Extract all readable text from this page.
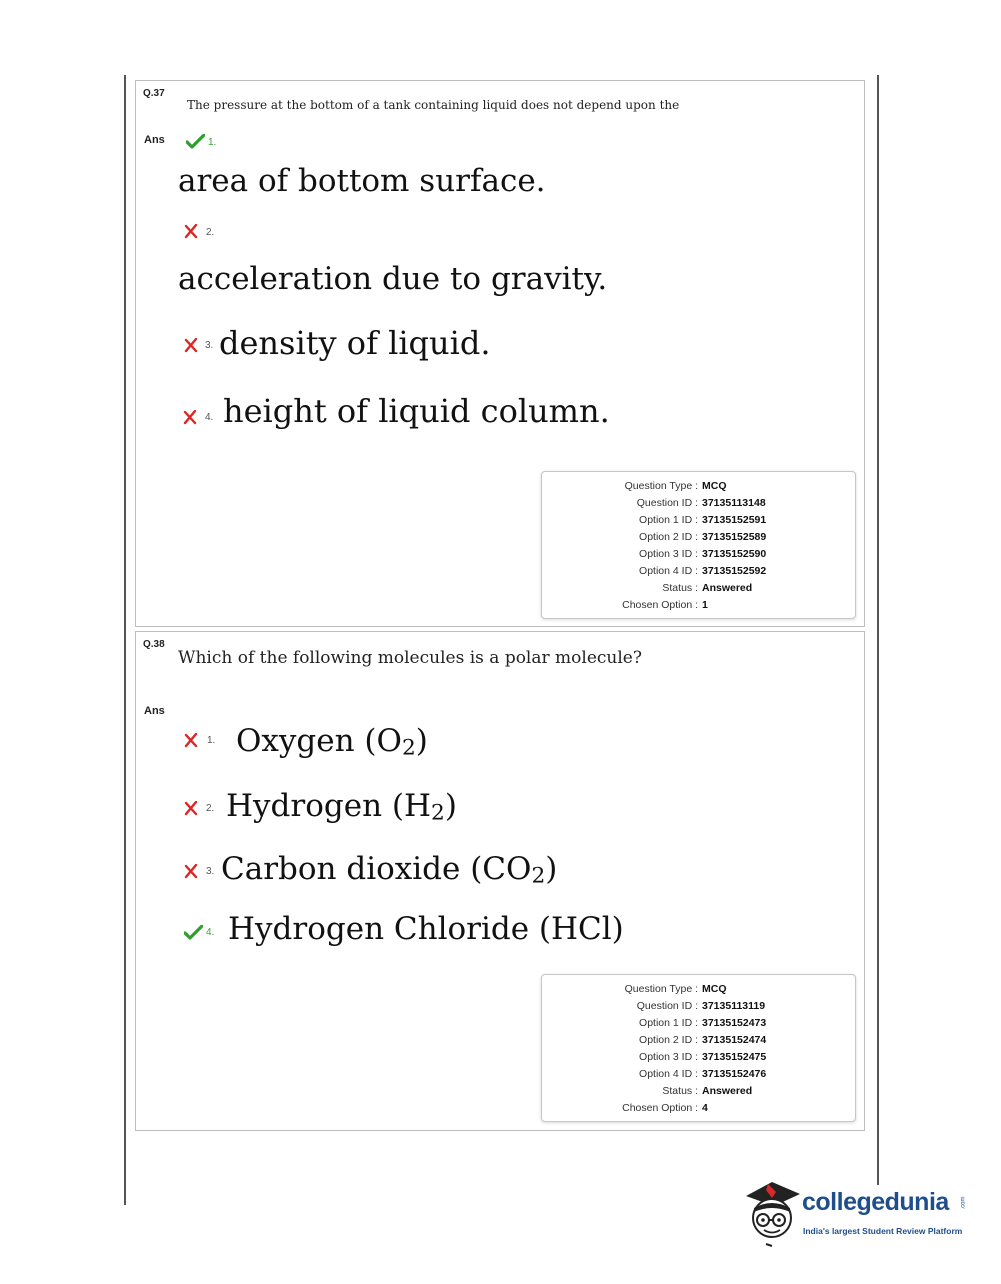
Q.37
The pressure at the bottom of a tank containing liquid does not depend upon the
Ans	1.
area of bottom surface.
2.
acceleration due to gravity.
3. density of liquid.
4. height of liquid column.
Question Type : MCQ
Question ID : 37135113148
Option 1 ID : 37135152591
Option 2 ID : 37135152589
Option 3 ID : 37135152590
Option 4 ID : 37135152592
Status : Answered
Chosen Option : 1
Q.38
Which of the following molecules is a polar molecule?
Ans
1. Oxygen (O2)
2. Hydrogen (H2)
3. Carbon dioxide (CO2)
4. Hydrogen Chloride (HCl)
Question Type : MCQ
Question ID : 37135113119
Option 1 ID : 37135152473
Option 2 ID : 37135152474
Option 3 ID : 37135152475
Option 4 ID : 37135152476
Status : Answered
Chosen Option : 4
collegedunia .com
India's largest Student Review Platform
